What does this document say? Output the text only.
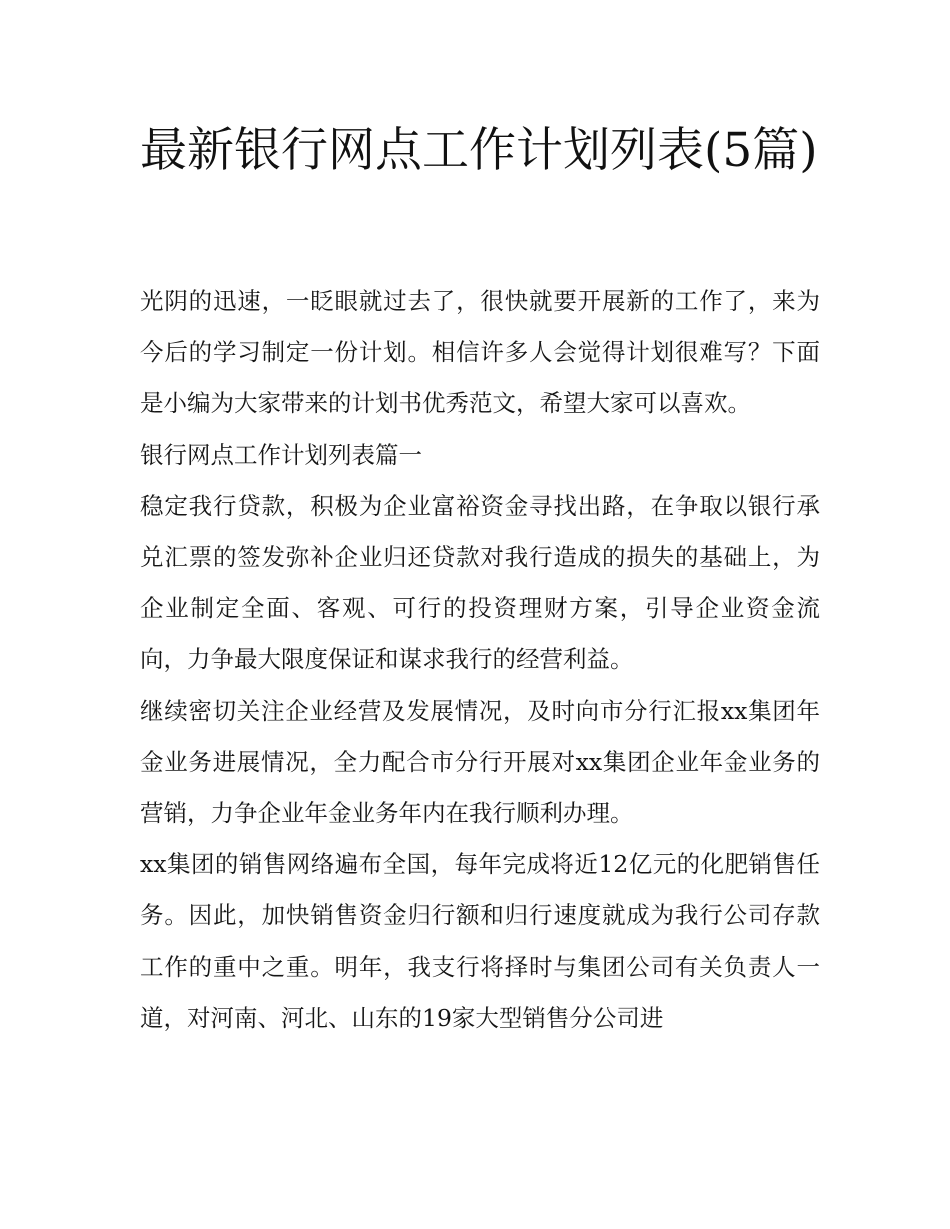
最新银行网点工作计划列表(5篇)

光阴的迅速，一眨眼就过去了，很快就要开展新的工作了，来为今后的学习制定一份计划。相信许多人会觉得计划很难写？下面是小编为大家带来的计划书优秀范文，希望大家可以喜欢。

银行网点工作计划列表篇一

稳定我行贷款，积极为企业富裕资金寻找出路，在争取以银行承兑汇票的签发弥补企业归还贷款对我行造成的损失的基础上，为企业制定全面、客观、可行的投资理财方案，引导企业资金流向，力争最大限度保证和谋求我行的经营利益。

继续密切关注企业经营及发展情况，及时向市分行汇报xx集团年金业务进展情况，全力配合市分行开展对xx集团企业年金业务的营销，力争企业年金业务年内在我行顺利办理。

xx集团的销售网络遍布全国，每年完成将近12亿元的化肥销售任务。因此，加快销售资金归行额和归行速度就成为我行公司存款工作的重中之重。明年，我支行将择时与集团公司有关负责人一道，对河南、河北、山东的19家大型销售分公司进
